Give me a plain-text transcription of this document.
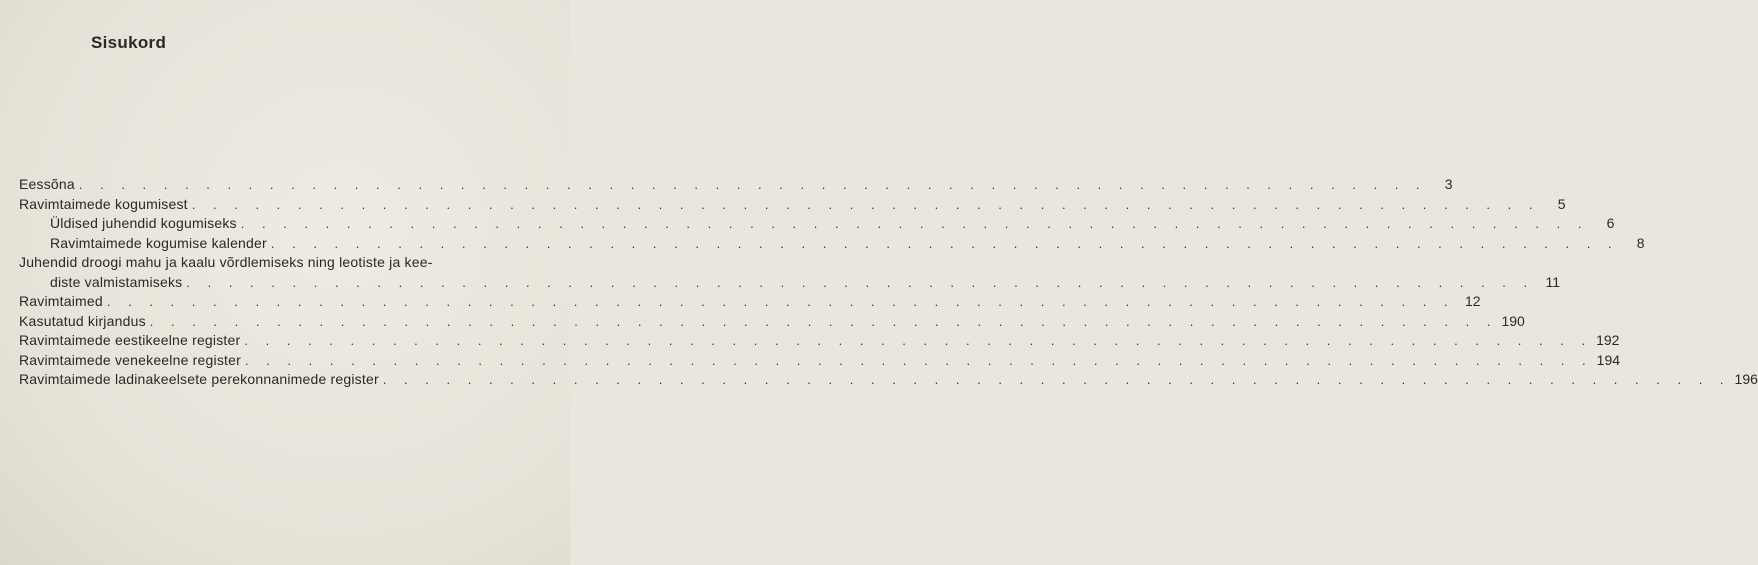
Sisukord
Eessõna . . . . . . . . . . . . . . . . . . . . . . . . . . . . . . . . . . . . . . . . . . . . . . . . . . . . . . . . . . . . . . . .	3
Ravimtaimede kogumisest . . . . . . . . . . . . . . . . . . . . . . . . . . . . . . . . . . . . . . . . . . . . . . . . . . . . . . . . . . . . . . . .	5
Üldised juhendid kogumiseks . . . . . . . . . . . . . . . . . . . . . . . . . . . . . . . . . . . . . . . . . . . . . . . . . . . . . . . . . . . . . . . .	6
Ravimtaimede kogumise kalender . . . . . . . . . . . . . . . . . . . . . . . . . . . . . . . . . . . . . . . . . . . . . . . . . . . . . . . . . . . . . . . .	8
Juhendid droogi mahu ja kaalu võrdlemiseks ning leotiste ja kee-
diste valmistamiseks . . . . . . . . . . . . . . . . . . . . . . . . . . . . . . . . . . . . . . . . . . . . . . . . . . . . . . . . . . . . . . . . 11
Ravimtaimed . . . . . . . . . . . . . . . . . . . . . . . . . . . . . . . . . . . . . . . . . . . . . . . . . . . . . . . . . . . . . . . . 12
Kasutatud kirjandus . . . . . . . . . . . . . . . . . . . . . . . . . . . . . . . . . . . . . . . . . . . . . . . . . . . . . . . . . . . . . . . . 190
Ravimtaimede eestikeelne register . . . . . . . . . . . . . . . . . . . . . . . . . . . . . . . . . . . . . . . . . . . . . . . . . . . . . . . . . . . . . . . . 192
Ravimtaimede venekeelne register . . . . . . . . . . . . . . . . . . . . . . . . . . . . . . . . . . . . . . . . . . . . . . . . . . . . . . . . . . . . . . . . 194
Ravimtaimede ladinakeelsete perekonnanimede register . . . . . . . . . . . . . . . . . . . . . . . . . . . . . . . . . . . . . . . . . . . . . . . . . . . . . . . . . . . . . . . . 196
